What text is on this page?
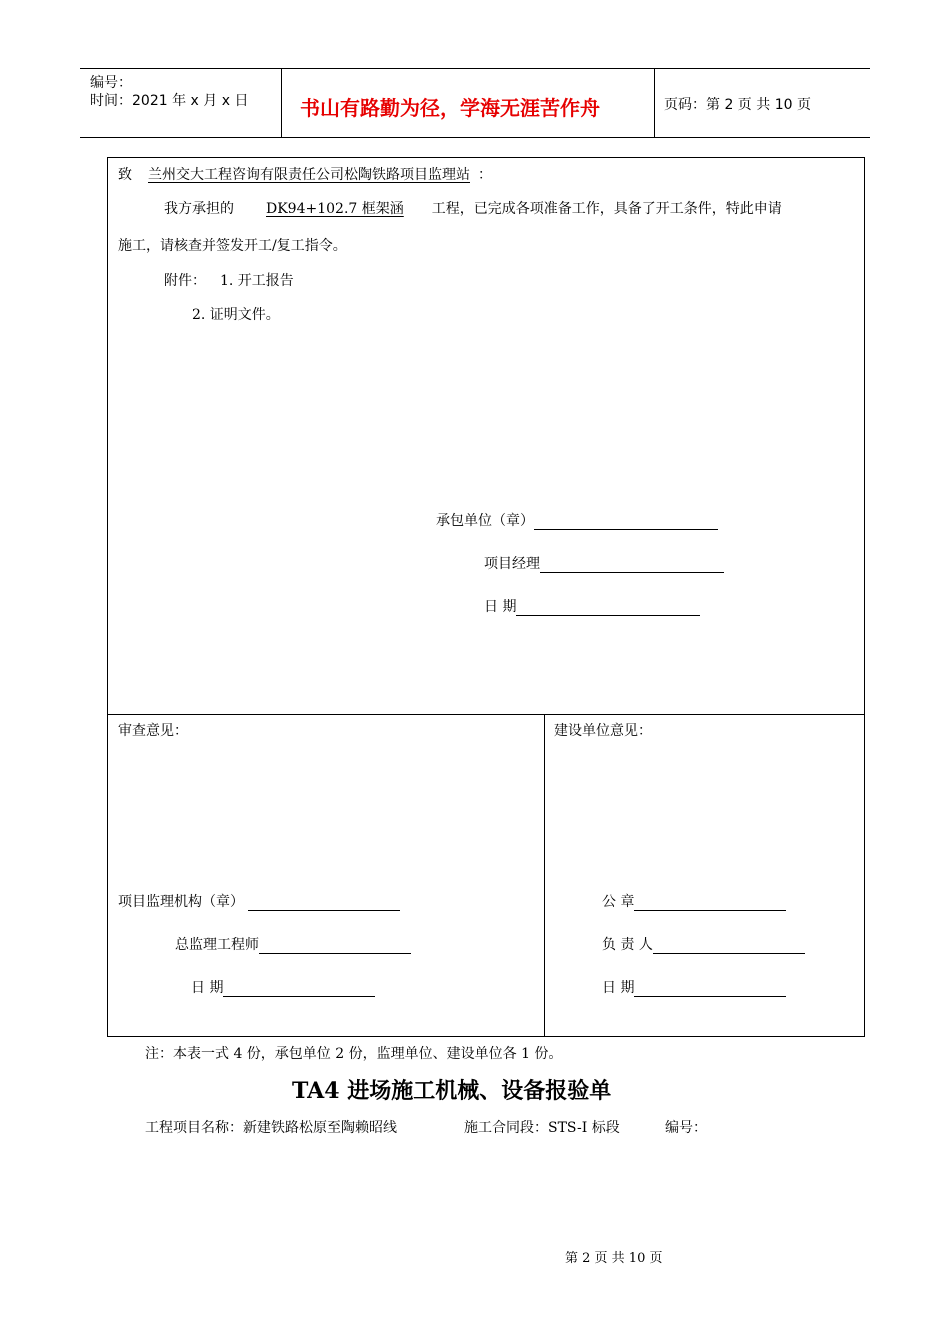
编号：
时间：2021 年 x 月 x 日	书山有路勤为径，学海无涯苦作舟	页码：第 2 页 共 10 页
致 兰州交大工程咨询有限责任公司松陶铁路项目监理站 ：
我方承担的 DK94+102.7 框架涵 工程，已完成各项准备工作，具备了开工条件，特此申请
施工，请核查并签发开工/复工指令。
附件： 1. 开工报告
2. 证明文件。
承包单位（章）
项目经理
日 期
审查意见：
项目监理机构（章）
总监理工程师
日 期
建设单位意见：
公 章
负 责 人
日 期
注：本表一式 4 份，承包单位 2 份，监理单位、建设单位各 1 份。
TA4 进场施工机械、设备报验单
工程项目名称：新建铁路松原至陶赖昭线	施工合同段：STS-I 标段	编号：
第 2 页 共 10 页
